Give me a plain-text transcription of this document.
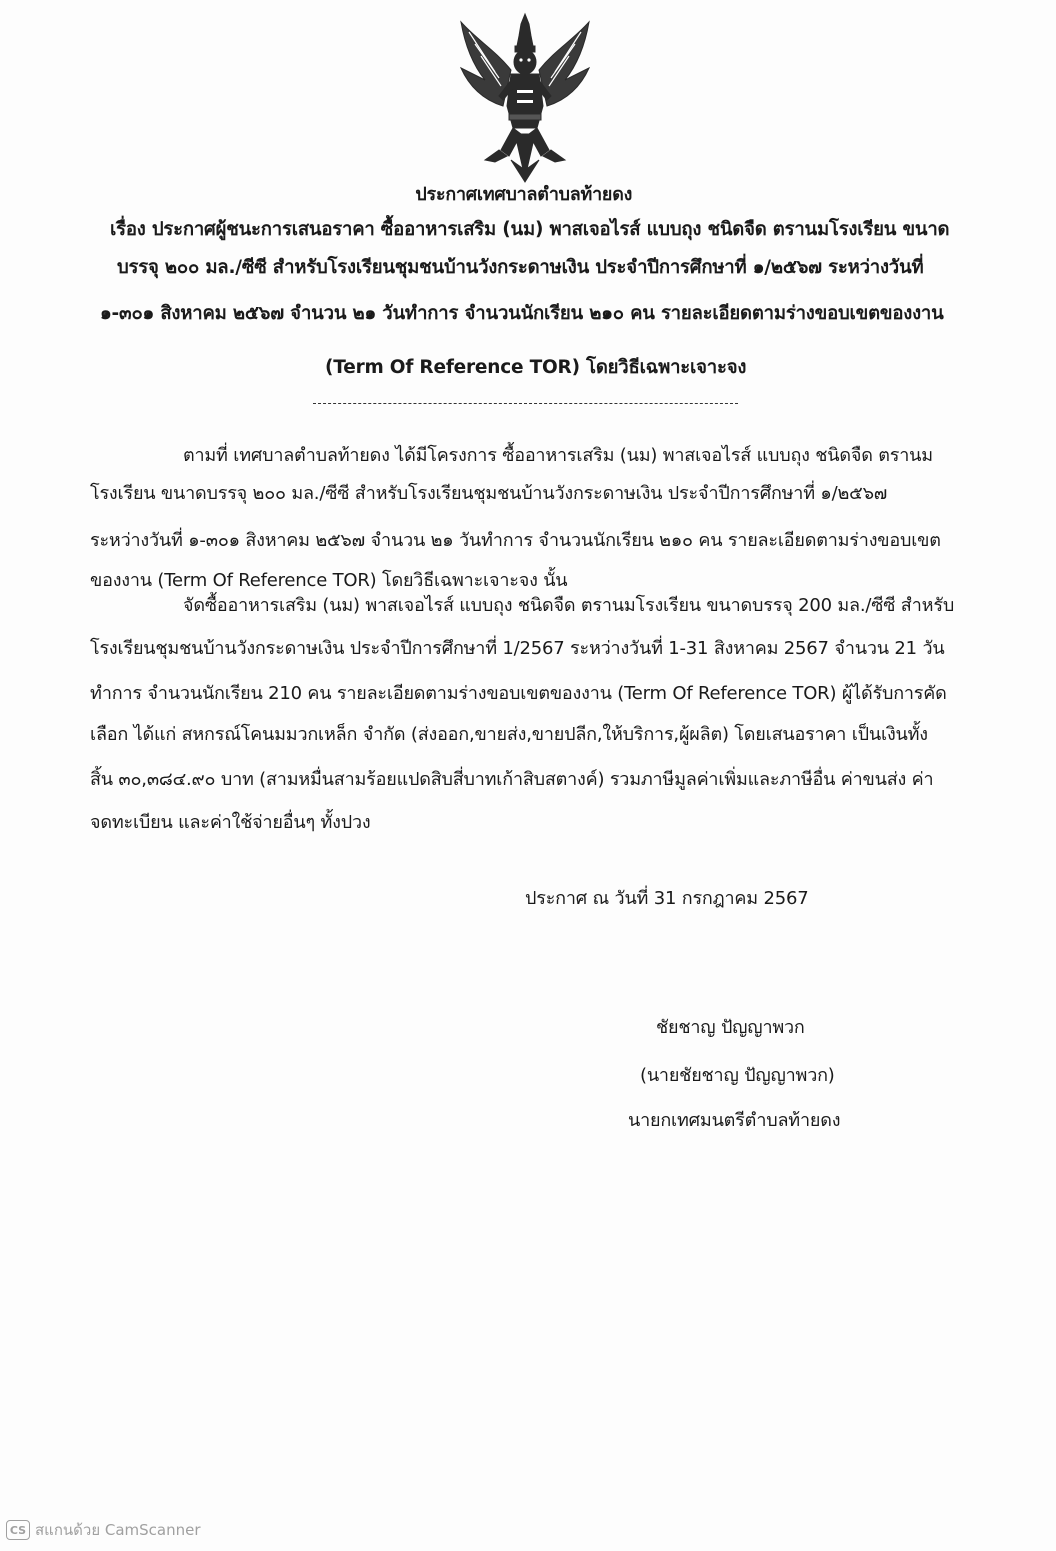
ประกาศเทศบาลตำบลท้ายดง
เรื่อง ประกาศผู้ชนะการเสนอราคา ซื้ออาหารเสริม (นม) พาสเจอไรส์ แบบถุง ชนิดจืด ตรานมโรงเรียน ขนาด
บรรจุ ๒๐๐ มล./ซีซี สำหรับโรงเรียนชุมชนบ้านวังกระดาษเงิน ประจำปีการศึกษาที่ ๑/๒๕๖๗ ระหว่างวันที่
๑-๓๐๑ สิงหาคม ๒๕๖๗ จำนวน ๒๑ วันทำการ จำนวนนักเรียน ๒๑๐ คน รายละเอียดตามร่างขอบเขตของงาน
(Term Of Reference TOR) โดยวิธีเฉพาะเจาะจง
ตามที่ เทศบาลตำบลท้ายดง ได้มีโครงการ ซื้ออาหารเสริม (นม) พาสเจอไรส์ แบบถุง ชนิดจืด ตรานม
โรงเรียน ขนาดบรรจุ ๒๐๐ มล./ซีซี สำหรับโรงเรียนชุมชนบ้านวังกระดาษเงิน ประจำปีการศึกษาที่ ๑/๒๕๖๗
ระหว่างวันที่ ๑-๓๐๑ สิงหาคม ๒๕๖๗ จำนวน ๒๑ วันทำการ จำนวนนักเรียน ๒๑๐ คน รายละเอียดตามร่างขอบเขต
ของงาน (Term Of Reference TOR) โดยวิธีเฉพาะเจาะจง นั้น
จัดซื้ออาหารเสริม (นม) พาสเจอไรส์ แบบถุง ชนิดจืด ตรานมโรงเรียน ขนาดบรรจุ 200 มล./ซีซี สำหรับ
โรงเรียนชุมชนบ้านวังกระดาษเงิน ประจำปีการศึกษาที่ 1/2567 ระหว่างวันที่ 1-31 สิงหาคม 2567 จำนวน 21 วัน
ทำการ จำนวนนักเรียน 210 คน รายละเอียดตามร่างขอบเขตของงาน (Term Of Reference TOR) ผู้ได้รับการคัด
เลือก ได้แก่ สหกรณ์โคนมมวกเหล็ก จำกัด (ส่งออก,ขายส่ง,ขายปลีก,ให้บริการ,ผู้ผลิต) โดยเสนอราคา เป็นเงินทั้ง
สิ้น ๓๐,๓๘๔.๙๐ บาท (สามหมื่นสามร้อยแปดสิบสี่บาทเก้าสิบสตางค์) รวมภาษีมูลค่าเพิ่มและภาษีอื่น ค่าขนส่ง ค่า
จดทะเบียน และค่าใช้จ่ายอื่นๆ ทั้งปวง
ประกาศ ณ วันที่ 31 กรกฎาคม 2567
ชัยชาญ ปัญญาพวก
(นายชัยชาญ ปัญญาพวก)
นายกเทศมนตรีตำบลท้ายดง
CS สแกนด้วย CamScanner
